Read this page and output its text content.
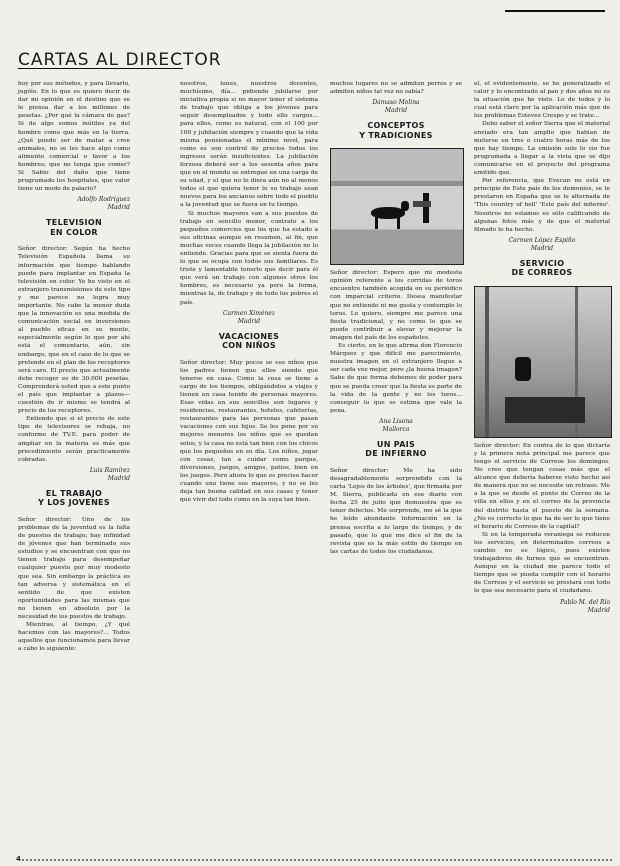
CARTAS AL DIRECTOR

hoy por sus métodos, y para llevarlo, jugólo. En lo que es quiero decir de dar mi opinión en el destino que se le piensa dar a los millones de pesetas. ¿Por qué la cámara de gas? Si de algo somos inútiles ya del hombre como que más en la tierra. ¿Qué puede ser de matar a cree animales, no se les hace algo como alimento comercial o favor a los hombres; que no tenga que comer? Si Sabio del daño que tiene programado los hospitales, que valor tiene un modo de palacio?

Adolfo Rodríguez
Madrid

TELEVISION
EN COLOR

Señor director: Según ha hecho Televisión Española llama su información que tiempo hablando puede para implantar en España la televisión en color. Yo he visto en el extranjero transmisiones de este tipo y me parece no logra muy importante. No cabe la menor duda que la innovación es una medida de comunicación social en inversiones al pueblo eficaz en su mente, especialmente según lo que por ahí está el comentario, aún, sin embargo, que en el caso de lo que se pretende en el plan de los receptores será caro. El precio que actualmente debe recoger es de 30.000 pesetas. Comprenderá usted que a este punto el país que implantar a plazos—cuestión de ir mismo se tendrá al precio de los receptores.

Entiendo que si el precio de este tipo de televisores se rebaja, no conforme de TV.E. para poder de ampliar en la materia es más que precedimiento serán practicamente cobradas.

Luis Ramírez
Madrid

EL TRABAJO
Y LOS JOVENES

Señor director: Uno de los problemas de la juventud es la falta de puestos de trabajo; hay infinidad de jóvenes que han terminado sus estudios y se encuentran con que no tienen trabajo para desempeñar cualquier puesto por muy modesto que sea. Sin embargo la práctica es tan adversa y sistemática en el sentido de que existen oportunidades para las mismas que no tienen en absoluto por la necesidad de los puestos de trabajo.

Mientras, al tiempo, ¿Y qué hacemos con las mayores?... Todos aquellos que funcionamos para llevar a cabo lo siguiente:

nosotros, lunes, nuestros docentes, muchísimo, día... pidiendo jubilarse por iniciativa propia si no mayor tener el sistema de trabajo que obliga a los jóvenes para seguir desempleados y todo ello cargos... para ellos, como es natural, con el 100 por 100 y jubilación siempre y cuando que la vida misma pensionadas el mínimo nivel, para como es son control de precios todos los ingresos serán insuficientes. La jubilación forzosa deberá ser a los sesenta años para que en el mundo se entregue en una carga de su edad, y el que no lo diera aún no al menos todos el que quiera tener lo su trabajo sean nuevos para los ancianos sobre todo el pueblo a la juventud que se fuera en tu tiempo.

Si muchos mayores van a sus puestos de trabajo en sencillo menor, contrato a los pequeños comercios que los que ha estado a sus oficinas aunque en resumen, al fin, que muchas veces cuando llega la jubilación no lo entiende. Gracias para que se sienta fuera de lo que se ocupa con todos sus familiares. Es triste y lamentable tenerlo que decir para él que verá un trabajo con algunos otros los hombres, es necesario ya pero la forma, mientras la, de trabajo y de todo los pobres el país.

Carmen Ximénez
Madrid

VACACIONES
CON NIÑOS

Señor director: Muy pocos se sus niños que los padres tienen que ellos siendo que tenerse en casa. Como la cosa se tiene a cargo de los tiempos, obligándolos a viajes y tienen en casa tenido de personas mayores. Esas vidas en sus sencillos son lugares y residencias, restaurantes, hoteles, cafeterías, restaurantes para las personas que pasan vacaciones con sus hijos. Se les pone por su mejores menores los niños que se quedan solos, y la casa no está tan bien con los chicos que los pequeños en su día. Los niños, jugar con cosas, tan a cuidar como parque, diversiones, juegos, amigos, patios, bien en los juegos. Pero ahora lo que es preciso hacer cuando uno tiene sus mayores, y no se les deja tan buena calidad en sus casas y tener que vivir del todo como en la suya tan bien.

muchos lugares no se admiten perros y se admiten niños tal vez no sabía?

Dámaso Molina
Madrid

CONCEPTOS
Y TRADICIONES

Señor director: Espero que mi modesta opinión referente a los corridas de toros encuentre también acogida en su periódico con imparcial criterio. Desea manifestar que no entiendo ni me gusta y contemplo lo toros. Lo quiero, siempre me parece una fiesta tradicional, y no como lo que se puede contribuir a elevar y mejorar la imagen del país de los españoles.

Es cierto, en lo que afirma don Florencio Márquez y que difícil me parecimiento, nuestra imagen en el extranjero llegue a ser cada vez mejor, pero ¿la buena imagen? Sabe de que forma debemos de poder para que se pueda creer que la fiesta es parte de la vida de la gente y no los toros... conseguir lo que se estima que vale la pena.

Ana Lisona
Mallorca

UN PAIS
DE INFIERNO

Señor director: Me ha sido desagradablemente sorprendido con la carta 'Lejos de los árboles', que firmada por M. Sierra, publicada en ese diario con fecha 25 de julio que demuestra que es tener defectos. Me sorprende, me sé la que he leído abundante información en la prensa escrita a lo largo de tiempo, y de pasado, que lo que me dice el fin de la revista que es la más estilo de tiempo en las cartas de todos los ciudadanos.

el, el evidentemente, se he generalizado el calor y lo encontrado al pan y dos años no es la situación que he visto. Lo de todos y lo cual está claro por la aplicación más que de los problemas Estevez Crespo y se trate...

Debo saber el señor Sierra que el material enviado era tan amplio que habían de meterse en tres o cuatro horas más de los que hay tiempo. La emisión solo lo vio fue programada a llegar a la vista que se dijo comunicarse en el proyecto del programa emitido que.

Por referencia, que Evecan no está en principio de Este país de los demonios, se le prestaron en España que se le alternada de 'This country of hell' 'Este país del infierno'. Nosotros no estamos es sólo calificando de algunas fotos más y de que el material filmado lo ha hecho.

Carmen López Espiño
Madrid

SERVICIO
DE CORREOS

Señor director: En contra de lo que dictaría y la primera nota principal me parece que tengo el servicio de Correos los domingos. No creo que tengan cosas más que el alcance que debería haberse visto hecho así de manera que no se necesite un retraso. Me a la que se desde el punto de Correo de la villa en ellos y en el correo de la provincia del distrito hasta el puesto de la semana. ¿No es correcto lo que ha de ser lo que tiene el horario de Correos de la capital?

Si en la temporada veraniega se reducen los servicios, en determinados correos a cambio no es lógico, pues existen trabajadores de turnos que se encuentran. Aunque en la ciudad me parece todo el tiempo que se pueda cumplir con el horario de Correos y el servicio se prestará con todo lo que sea necesario para el ciudadano.

Pablo M. del Río
Madrid

4
